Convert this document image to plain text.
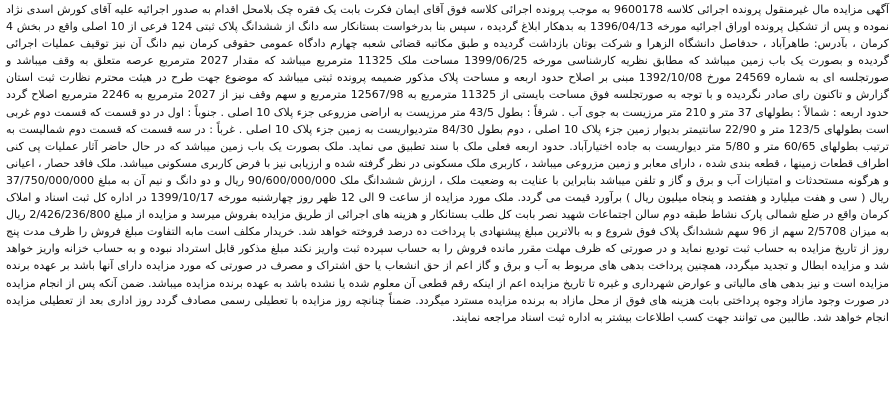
آگهی مزایده مال غیرمنقول پرونده اجرائی کلاسه 9600178 به موجب پرونده اجرائی کلاسه فوق آقای ایمان فکرت بابت یک فقره چک بلامحل اقدام به صدور اجرائیه علیه آقای کورش اسدی نژاد نموده و پس از تشکیل پرونده اوراق اجرائیه مورخه 1396/04/13 به بدهکار ابلاغ گردیده ، سپس بنا بدرخواست بستانکار سه دانگ از ششدانگ پلاک ثبتی 124 فرعی از 10 اصلی واقع در بخش 4 کرمان ، بآدرس: طاهرآباد ، حدفاصل دانشگاه الزهرا و شرکت بوتان بازداشت گردیده و طبق مکاتبه قضائی شعبه چهارم دادگاه عمومی حقوقی کرمان نیم دانگ آن نیز توقیف عملیات اجرائی گردیده و بصورت یک باب زمین میباشد که مطابق نظریه کارشناسی مورخه 1399/06/25 مساحت ملک 11325 مترمربع میباشد که مقدار 2027 مترمربع عرصه متعلق به وقف میباشد و صورتجلسه ای به شماره 24569 مورخ 1392/10/08 مبنی بر اصلاح حدود اربعه و مساحت پلاک مذکور ضمیمه پرونده ثبتی میباشد که موضوع جهت طرح در هیئت محترم نظارت ثبت استان گزارش و تاکنون رای صادر نگردیده و با توجه به صورتجلسه فوق مساحت بایستی از 11325 مترمربع به 12567/98 مترمربع و سهم وقف نیز از 2027 مترمربع به 2246 مترمربع اصلاح گردد حدود اربعه : شمالاً : بطولهای 37 متر و 210 متر مرزیست به جوی آب . شرقاً : بطول 43/5 متر مرزیست به اراضی مزروعی جزء پلاک 10 اصلی . جنوباً : اول در دو قسمت که قسمت دوم غربی است بطولهای 123/5 متر و 22/90 سانتیمتر بدیوار زمین جزء پلاک 10 اصلی ، دوم بطول 84/30 متردیواریست به زمین جزء پلاک 10 اصلی . غرباً : در سه قسمت که قسمت دوم شمالیست به ترتیب بطولهای 60/65 متر و 5/80 متر دیواریست به جاده اختیارآباد. حدود اربعه فعلی ملک با سند تطبیق می نماید. ملک بصورت یک باب زمین میباشد که در حال حاضر آثار عملیات پی کنی اطراف قطعات زمینها ، قطعه بندی شده ، دارای معابر و زمین مزروعی میباشد ، کاربری ملک مسکونی در نظر گرفته شده و ارزیابی نیز با فرض کاربری مسکونی میباشد. ملک فاقد حصار ، اعیانی و هرگونه مستحدثات و امتیازات آب و برق و گاز و تلفن میباشد بنابراین با عنایت به وضعیت ملک ، ارزش ششدانگ ملک 90/600/000/000 ریال و دو دانگ و نیم آن به مبلغ 37/750/000/000 ریال ( سی و هفت میلیارد و هفتصد و پنجاه میلیون ریال ) برآورد قیمت می گردد. ملک مورد مزایده از ساعت 9 الی 12 ظهر روز چهارشنبه مورخه 1399/10/17 در اداره کل ثبت اسناد و املاک کرمان واقع در ضلع شمالی پارک نشاط طبقه دوم سالن اجتماعات شهید نصر بابت کل طلب بستانکار و هزینه های اجرائی از طریق مزایده بفروش میرسد و مزایده از مبلغ 2/426/236/800 ریال به میزان 2/5708 سهم از 96 سهم ششدانگ پلاک فوق شروع و به بالاترین مبلغ پیشنهادی با پرداخت ده درصد فروخته خواهد شد. خریدار مکلف است مابه التفاوت مبلغ فروش را ظرف مدت پنج روز از تاریخ مزایده به حساب ثبت تودیع نماید و در صورتی که ظرف مهلت مقرر مانده فروش را به حساب سپرده ثبت واریز نکند مبلغ مذکور قابل استرداد نبوده و به حساب خزانه واریز خواهد شد و مزایده ابطال و تجدید میگردد، همچنین پرداخت بدهی های مربوط به آب و برق و گاز اعم از حق انشعاب یا حق اشتراک و مصرف در صورتی که مورد مزایده دارای آنها باشد بر عهده برنده مزایده است و نیز بدهی های مالیاتی و عوارض شهرداری و غیره تا تاریخ مزایده اعم از اینکه رقم قطعی آن معلوم شده یا نشده باشد به عهده برنده مزایده میباشد. ضمن آنکه پس از انجام مزایده در صورت وجود مازاد وجوه پرداختی بابت هزینه های فوق از محل مازاد به برنده مزایده مسترد میگردد. ضمناً چنانچه روز مزایده با تعطیلی رسمی مصادف گردد روز اداری بعد از تعطیلی مزایده انجام خواهد شد. طالبین می توانند جهت کسب اطلاعات بیشتر به اداره ثبت اسناد مراجعه نمایند.
